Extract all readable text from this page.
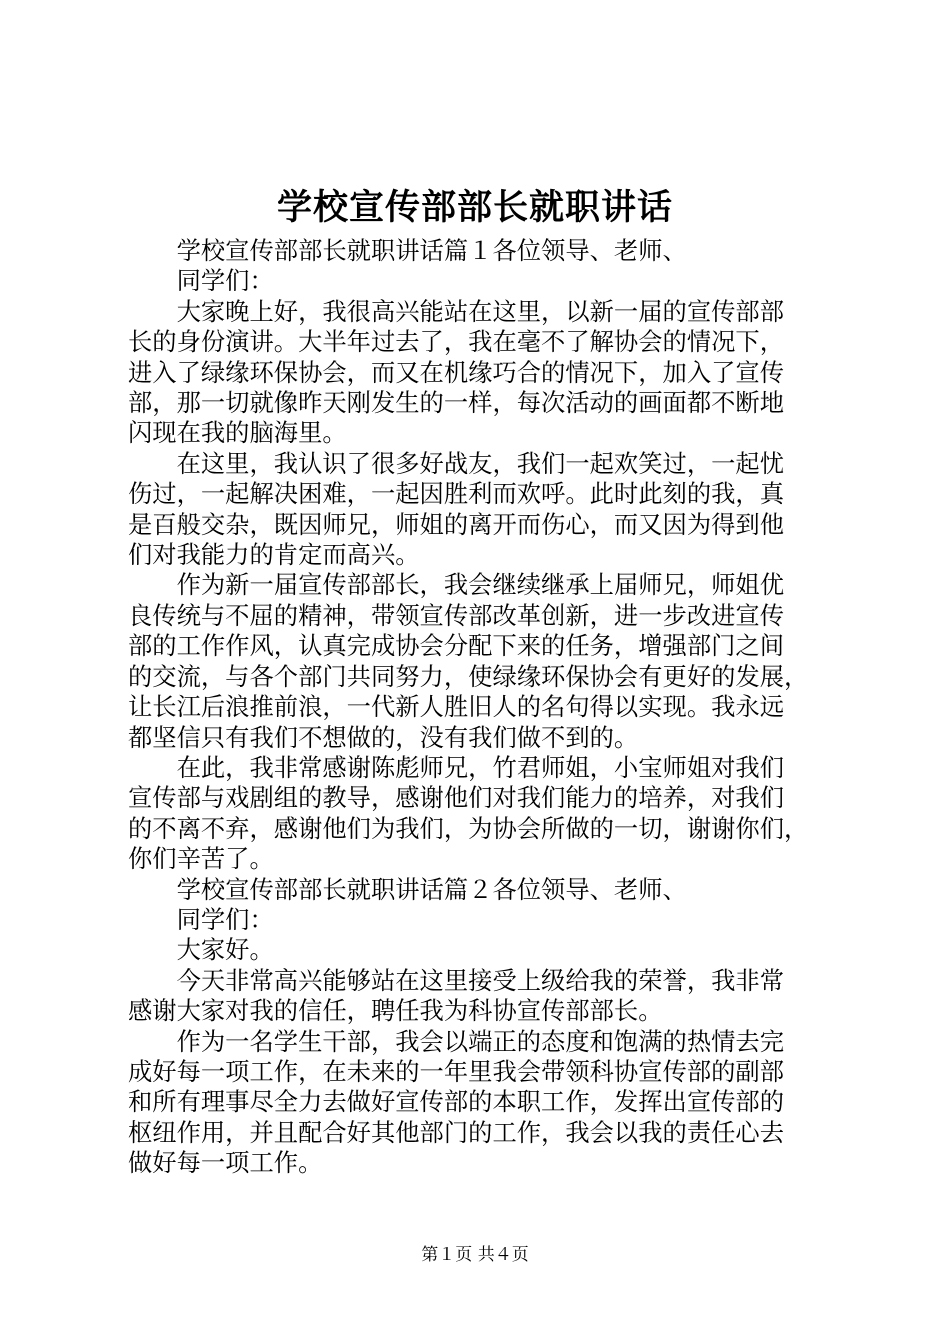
学校宣传部部长就职讲话
学校宣传部部长就职讲话篇１各位领导、老师、
同学们：
大家晚上好，我很高兴能站在这里，以新一届的宣传部部
长的身份演讲。大半年过去了，我在毫不了解协会的情况下，
进入了绿缘环保协会，而又在机缘巧合的情况下，加入了宣传
部，那一切就像昨天刚发生的一样，每次活动的画面都不断地
闪现在我的脑海里。
在这里，我认识了很多好战友，我们一起欢笑过，一起忧
伤过，一起解决困难，一起因胜利而欢呼。此时此刻的我，真
是百般交杂，既因师兄，师姐的离开而伤心，而又因为得到他
们对我能力的肯定而高兴。
作为新一届宣传部部长，我会继续继承上届师兄，师姐优
良传统与不屈的精神，带领宣传部改革创新，进一步改进宣传
部的工作作风，认真完成协会分配下来的任务，增强部门之间
的交流，与各个部门共同努力，使绿缘环保协会有更好的发展，
让长江后浪推前浪，一代新人胜旧人的名句得以实现。我永远
都坚信只有我们不想做的，没有我们做不到的。
在此，我非常感谢陈彪师兄，竹君师姐，小宝师姐对我们
宣传部与戏剧组的教导，感谢他们对我们能力的培养，对我们
的不离不弃，感谢他们为我们，为协会所做的一切，谢谢你们，
你们辛苦了。
学校宣传部部长就职讲话篇２各位领导、老师、
同学们：
大家好。
今天非常高兴能够站在这里接受上级给我的荣誉，我非常
感谢大家对我的信任，聘任我为科协宣传部部长。
作为一名学生干部，我会以端正的态度和饱满的热情去完
成好每一项工作，在未来的一年里我会带领科协宣传部的副部
和所有理事尽全力去做好宣传部的本职工作，发挥出宣传部的
枢纽作用，并且配合好其他部门的工作，我会以我的责任心去
做好每一项工作。
第１页 共４页
